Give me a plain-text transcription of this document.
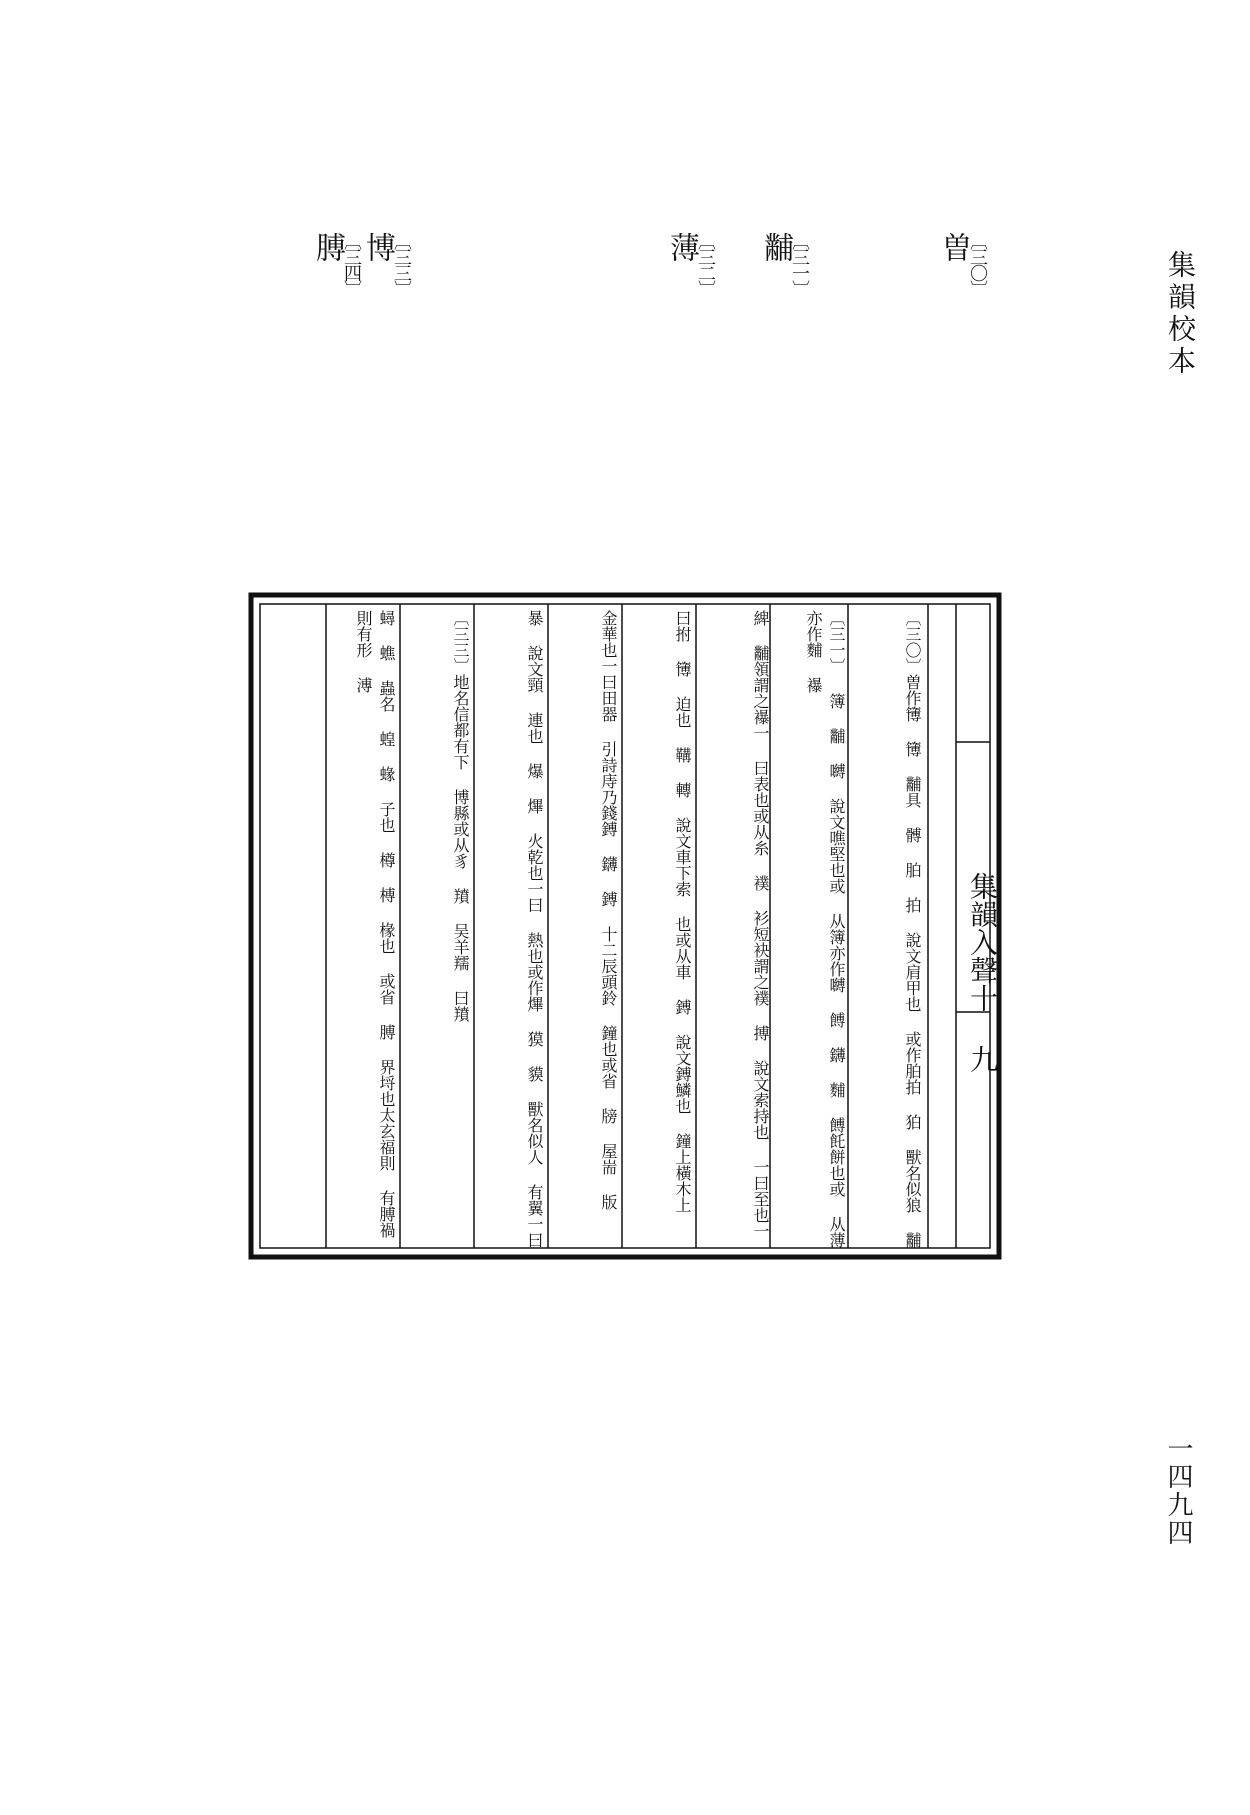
集韻校本
一四九四
〔三〇〕
曽
〔三一〕
黼
〔三二〕
薄
〔三三〕
博
〔三四〕
膊
集韻入聲十 九
〔三〇〕曽作簙 簙 黼具 髆 胉 拍 說文肩甲也 或作胉拍 狛 獸名似狼 黼
〔三一〕 簿 黼 嚩 說文噍堅也或 从簿亦作嚩 餺 鑮 麱 餺飥餅也或 从薄亦作麱 襮
綼 黼領謂之襮一 曰表也或从糸 襆 衫短袂謂之襆 搏 說文索持也 一曰至也一
曰拊 簙 迫也 鞲 轉 說文車下索 也或从車 鎛 說文鎛鱗也 鐘上橫木上
金華也一曰田器 引詩庤乃錢鎛 鑮 鎛 十二辰頭鈴 鐘也或省 牓 屋耑 版
暴 說文頸 連也 爆 熚 火乾也一曰 熱也或作熚 獏 貘 獸名似人 有翼一曰
〔三三〕地名信都有下 博縣或从豸 羵 吴羊羺 曰羵
蟳 蟭 蟲名 蝗 蝝 子也 樽 榑 椽也 或省 膊 界埒也太玄福則 有膊禍則有形 溥
